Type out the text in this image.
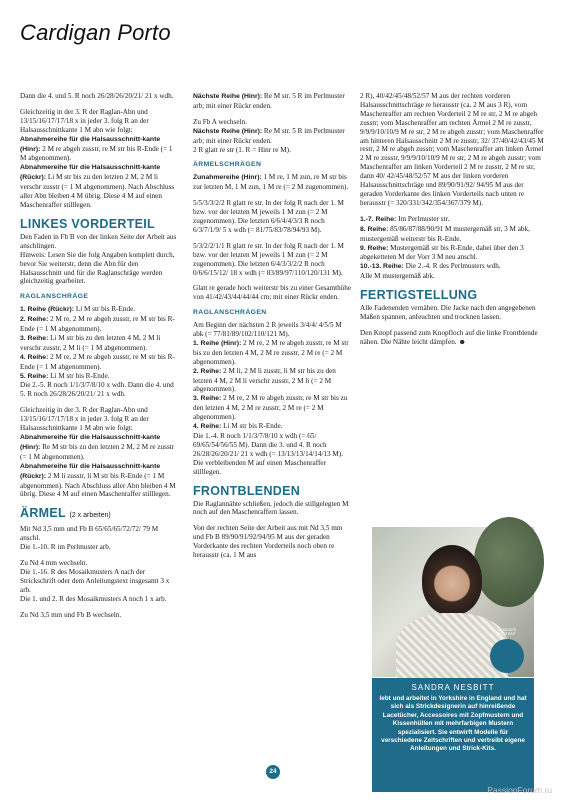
Cardigan Porto

Dann die 4. und 5. R noch 26/28/26/20/21/ 21 x wdh.

Gleichzeitig in der 3. R der Raglan-Abn und 13/15/16/17/17/18 x in jeder 3. folg R an der Halsausschnittkante 1 M abn wie folgt:
Abnahmereihe für die Halsausschnitt-kante (Hinr): 2 M re abgeh zusstr, re M str bis R-Ende (= 1 M abgenommen).
Abnahmereihe für die Halsausschnitt-kante (Rückr): Li M str bis zu den letzten 2 M, 2 M li verschr zusstr (= 1 M abgenommen). Nach Abschluss aller Abn bleiben 4 M übrig. Diese 4 M auf einen Maschenraffer stilllegen.

LINKES VORDERTEIL

Den Faden in Fb B von der linken Seite der Arbeit aus anschlingen.
Hinweis: Lesen Sie die folg Angaben komplett durch, bevor Sie weiterstr, denn die Abn für den Halsausschnitt und für die Raglanschräge werden gleichzeitig gearbeitet.

RAGLANSCHRÄGE

1. Reihe (Rückr): Li M str bis R-Ende.
2. Reihe: 2 M re, 2 M re abgeh zusstr, re M str bis R-Ende (= 1 M abgenommen).
3. Reihe: Li M str bis zu den letzten 4 M, 2 M li verschr zusstr, 2 M li (= 1 M abgenommen).
4. Reihe: 2 M re, 2 M re abgeh zusstr, re M str bis R-Ende (= 1 M abgenommen).
5. Reihe: Li M str bis R-Ende.
Die 2.-5. R noch 1/1/3/7/8/10 x wdh. Dann die 4. und 5. R noch 26/28/26/20/21/ 21 x wdh.

Gleichzeitig in der 3. R der Raglan-Abn und 13/15/16/17/17/18 x in jeder 3. folg R an der Halsausschnittkante 1 M abn wie folgt:
Abnahmereihe für die Halsausschnitt-kante (Hinr): Re M str bis zu den letzten 2 M, 2 M re zusstr (= 1 M abgenommen).
Abnahmereihe für die Halsausschnitt-kante (Rückr): 2 M li zusstr, li M str bis R-Ende (= 1 M abgenommen). Nach Abschluss aller Abn bleiben 4 M übrig. Diese 4 M auf einen Maschenraffer stilllegen.

ÄRMEL (2 x arbeiten)

Mit Nd 3,5 mm und Fb B 65/65/65/72/72/ 79 M anschl.
Die 1.-10. R im Perlmuster arb.

Zu Nd 4 mm wechseln.
Die 1.-16. R des Mosaikmusters A nach der Strickschrift oder dem Anleitungstext insgesamt 3 x arb.
Die 1. und 2. R des Mosaikmusters A noch 1 x arb.

Zu Nd 3,5 mm und Fb B wechseln.

Nächste Reihe (Hinr): Re M str. 5 R im Perlmuster arb; mit einer Rückr enden.

Zu Fb A wechseln.
Nächste Reihe (Hinr): Re M str. 5 R im Perlmuster arb; mit einer Rückr enden.
2 R glatt re str (1. R = Hinr re M).

ÄRMELSCHRÄGEN

Zunahmereihe (Hinr): 1 M re, 1 M zun, re M str bis zur letzten M, 1 M zun, 1 M re (= 2 M zugenommen).

5/5/3/3/2/2 R glatt re str. In der folg R nach der 1. M bzw. vor der letzten M jeweils 1 M zun (= 2 M zugenommen). Die letzten 6/6/4/4/3/3 R noch 6/3/7/1/9/ 5 x wdh (= 81/75/83/78/94/93 M).

5/3/2/2/1/1 R glatt re str. In der folg R nach der 1. M bzw. vor der letzten M jeweils 1 M zun (= 2 M zugenommen). Die letzten 6/4/3/3/2/2 R noch 0/6/6/15/12/ 18 x wdh (= 83/89/97/110/120/131 M).

Glatt re gerade hoch weiterstr bis zu einer Gesamthöhe von 41/42/43/44/44/44 cm; mit einer Rückr enden.

RAGLANSCHRÄGEN

Am Beginn der nächsten 2 R jeweils 3/4/4/ 4/5/5 M abk (= 77/81/89/102/110/121 M).
1. Reihe (Hinr): 2 M re, 2 M re abgeh zusstr, re M str bis zu den letzten 4 M, 2 M re zusstr, 2 M re (= 2 M abgenommen).
2. Reihe: 2 M li, 2 M li zusstr, li M str bis zu den letzten 4 M, 2 M li verschr zusstr, 2 M li (= 2 M abgenommen).
3. Reihe: 2 M re, 2 M re abgeh zusstr, re M str bis zu den letzten 4 M, 2 M re zusstr, 2 M re (= 2 M abgenommen).
4. Reihe: Li M str bis R-Ende.
Die 1.-4. R noch 1/1/3/7/8/10 x wdh (= 65/ 69/65/54/56/55 M). Dann die 3. und 4. R noch 26/28/26/20/21/ 21 x wdh (= 13/13/13/14/14/13 M). Die verbleibenden M auf einen Maschenraffer stilllegen.

FRONTBLENDEN

Die Raglannähte schließen, jedoch die stillgelegten M noch auf den Maschenraffern lassen.

Von der rechten Seite der Arbeit aus mit Nd 3,5 mm und Fb B 89/90/91/92/94/95 M aus der geraden Vorderkante des rechten Vorderteils noch oben re herausstr (ca. 1 M aus

2 R), 40/42/45/48/52/57 M aus der rechten vorderen Halsausschnittschräge re herausstr (ca. 2 M aus 3 R), vom Maschenraffer am rechten Vorderteil 2 M re str, 2 M re abgeh zusstr; vom Maschenraffer am rechten Ärmel 2 M re zusstr, 9/9/9/10/10/9 M re str, 2 M re abgeh zusstr; vom Maschenraffer am hinteren Halsausschnitt 2 M re zusstr, 32/ 37/40/42/43/45 M restr, 2 M re abgeh zusstr; vom Maschenraffer am linken Ärmel 2 M re zusstr, 9/9/9/10/10/9 M re str, 2 M re abgeh zusstr; vom Maschenraffer am linken Vorderteil 2 M re zusstr, 2 M re str, dann 40/ 42/45/48/52/57 M aus der linken vorderen Halsausschnittschräge und 89/90/91/92/ 94/95 M aus der geraden Vorderkante des linken Vorderteils nach unten re herausstr (= 320/331/342/354/367/379 M).

1.-7. Reihe: Im Perlmuster str.
8. Reihe: 85/86/87/88/90/91 M mustergemäß str, 3 M abk, mustergemäß weiterstr bis R-Ende.
9. Reihe: Mustergemäß str bis R-Ende, dabei über den 3 abgeketteten M der Vorr 3 M neu anschl.
10.-13. Reihe: Die 2.-4. R des Perlmusters wdh.
Alle M mustergemäß abk.

FERTIGSTELLUNG

Alle Fadenenden vernähen. Die Jacke nach den angegebenen Maßen spannen, anfeuchten und trocknen lassen.

Den Knopf passend zum Knopfloch auf die linke Frontblende nähen. Die Nähte leicht dämpfen. ☻

DESIGNER PORTRAIT

SANDRA NESBITT
lebt und arbeitet in Yorkshire in England und hat sich als Strickdesignerin auf hinreißende Lacetücher, Accessoires mit Zopfmustern und Kissenhüllen mit mehrfarbigen Mustern spezialisiert. Sie entwirft Modelle für verschiedene Zeitschriften und vertreibt eigene Anleitungen und Strick-Kits.
24
PassionForum.ru
